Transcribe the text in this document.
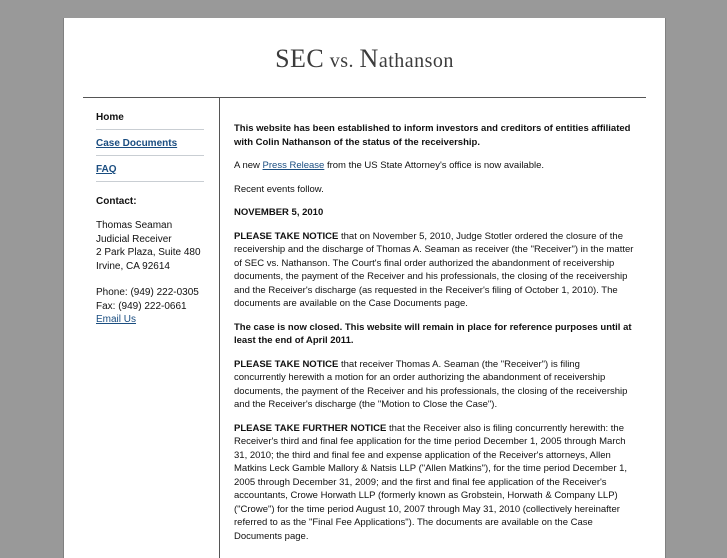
SEC vs. Nathanson
Home
Case Documents
FAQ
Contact:
Thomas Seaman
Judicial Receiver
2 Park Plaza, Suite 480
Irvine, CA 92614
Phone: (949) 222-0305
Fax: (949) 222-0661
Email Us

This website has been established to inform investors and creditors of entities affiliated with Colin Nathanson of the status of the receivership.

A new Press Release from the US State Attorney's office is now available.

Recent events follow.

NOVEMBER 5, 2010

PLEASE TAKE NOTICE that on November 5, 2010, Judge Stotler ordered the closure of the receivership and the discharge of Thomas A. Seaman as receiver (the "Receiver") in the matter of SEC vs. Nathanson. The Court's final order authorized the abandonment of receivership documents, the payment of the Receiver and his professionals, the closing of the receivership and the Receiver's discharge (as requested in the Receiver's filing of October 1, 2010). The documents are available on the Case Documents page.

The case is now closed. This website will remain in place for reference purposes until at least the end of April 2011.

PLEASE TAKE NOTICE that receiver Thomas A. Seaman (the "Receiver") is filing concurrently herewith a motion for an order authorizing the abandonment of receivership documents, the payment of the Receiver and his professionals, the closing of the receivership and the Receiver's discharge (the "Motion to Close the Case").

PLEASE TAKE FURTHER NOTICE that the Receiver also is filing concurrently herewith: the Receiver's third and final fee application for the time period December 1, 2005 through March 31, 2010; the third and final fee and expense application of the Receiver's attorneys, Allen Matkins Leck Gamble Mallory & Natsis LLP ("Allen Matkins"), for the time period December 1, 2005 through December 31, 2009; and the first and final fee application of the Receiver's accountants, Crowe Horwath LLP (formerly known as Grobstein, Horwath & Company LLP) ("Crowe") for the time period August 10, 2007 through May 31, 2010 (collectively hereinafter referred to as the "Final Fee Applications"). The documents are available on the Case Documents page.
